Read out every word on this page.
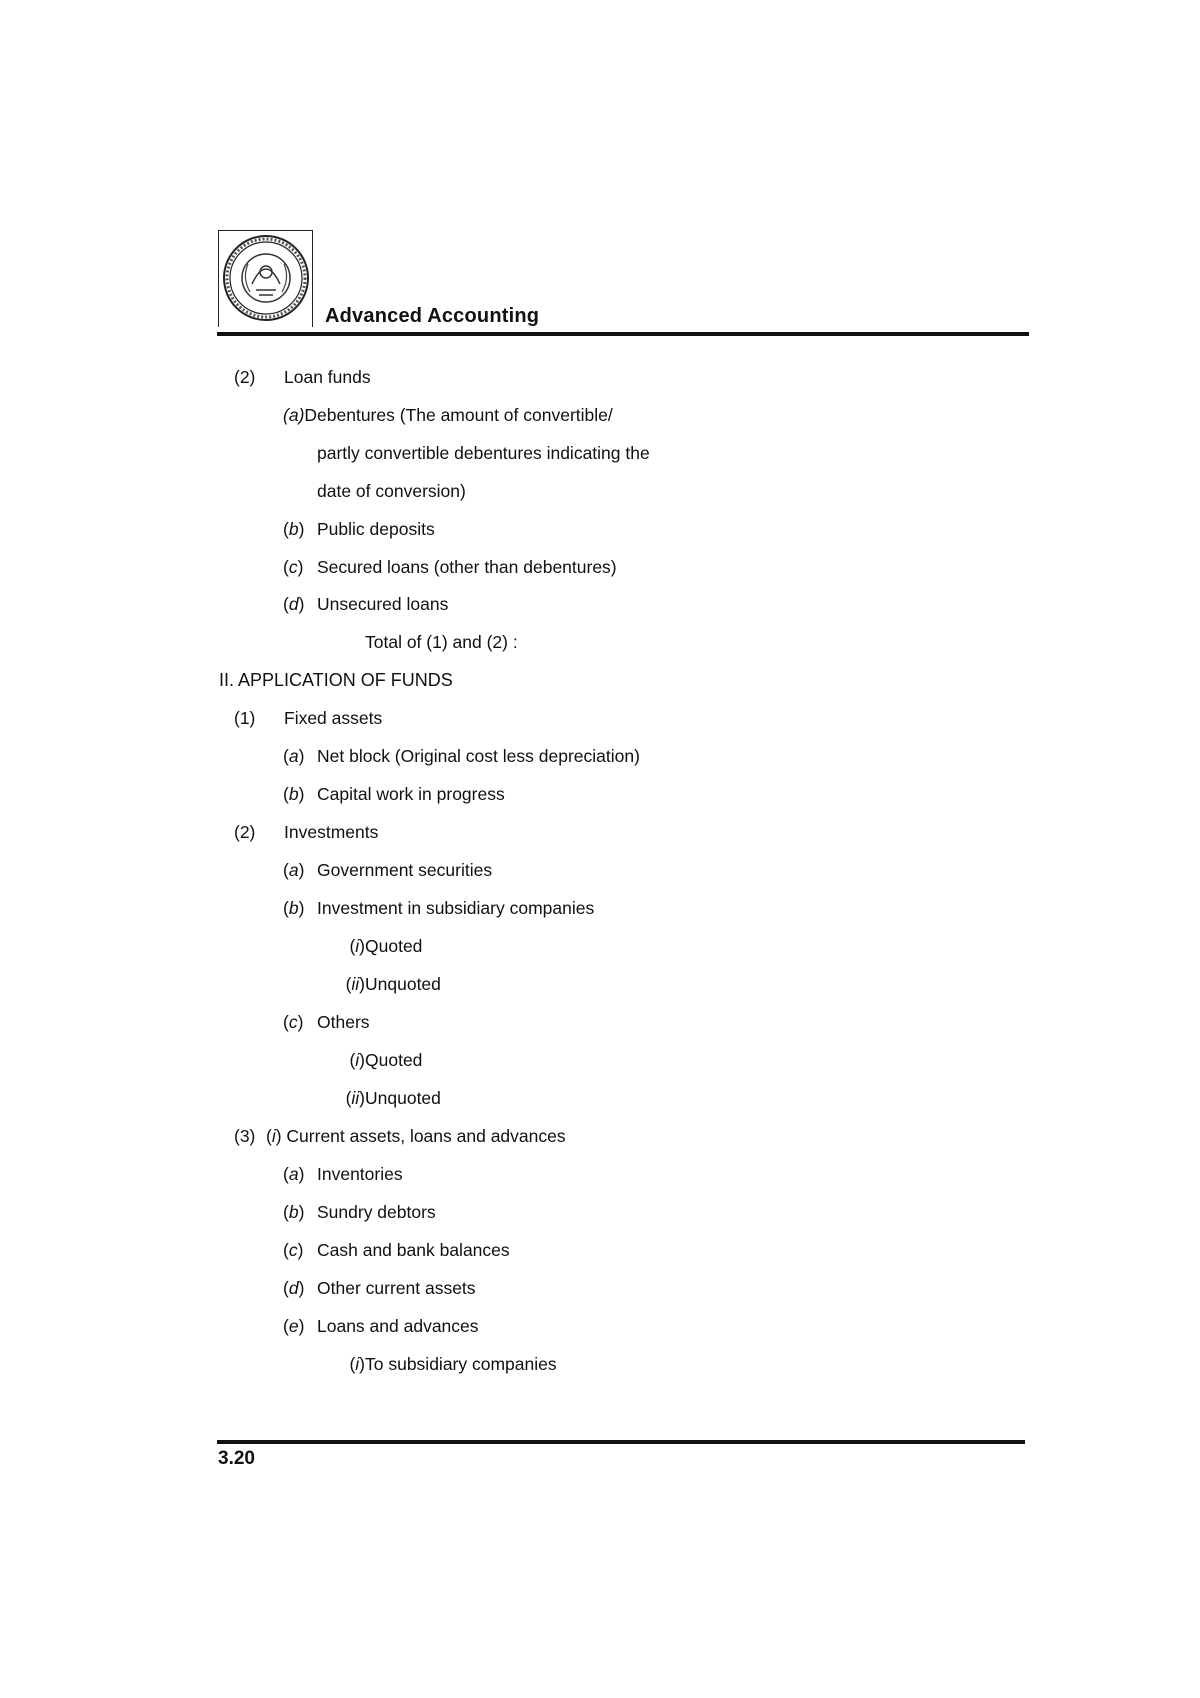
Advanced Accounting
(2) Loan funds
(a)Debentures (The amount of convertible/
partly convertible debentures indicating the
date of conversion)
(b) Public deposits
(c) Secured loans (other than debentures)
(d) Unsecured loans
Total of (1) and (2) :
II. APPLICATION OF FUNDS
(1) Fixed assets
(a) Net block (Original cost less depreciation)
(b) Capital work in progress
(2) Investments
(a) Government securities
(b) Investment in subsidiary companies
(i)Quoted
(ii)Unquoted
(c) Others
(i)Quoted
(ii)Unquoted
(3) (i) Current assets, loans and advances
(a) Inventories
(b) Sundry debtors
(c) Cash and bank balances
(d) Other current assets
(e) Loans and advances
(i)To subsidiary companies
3.20
